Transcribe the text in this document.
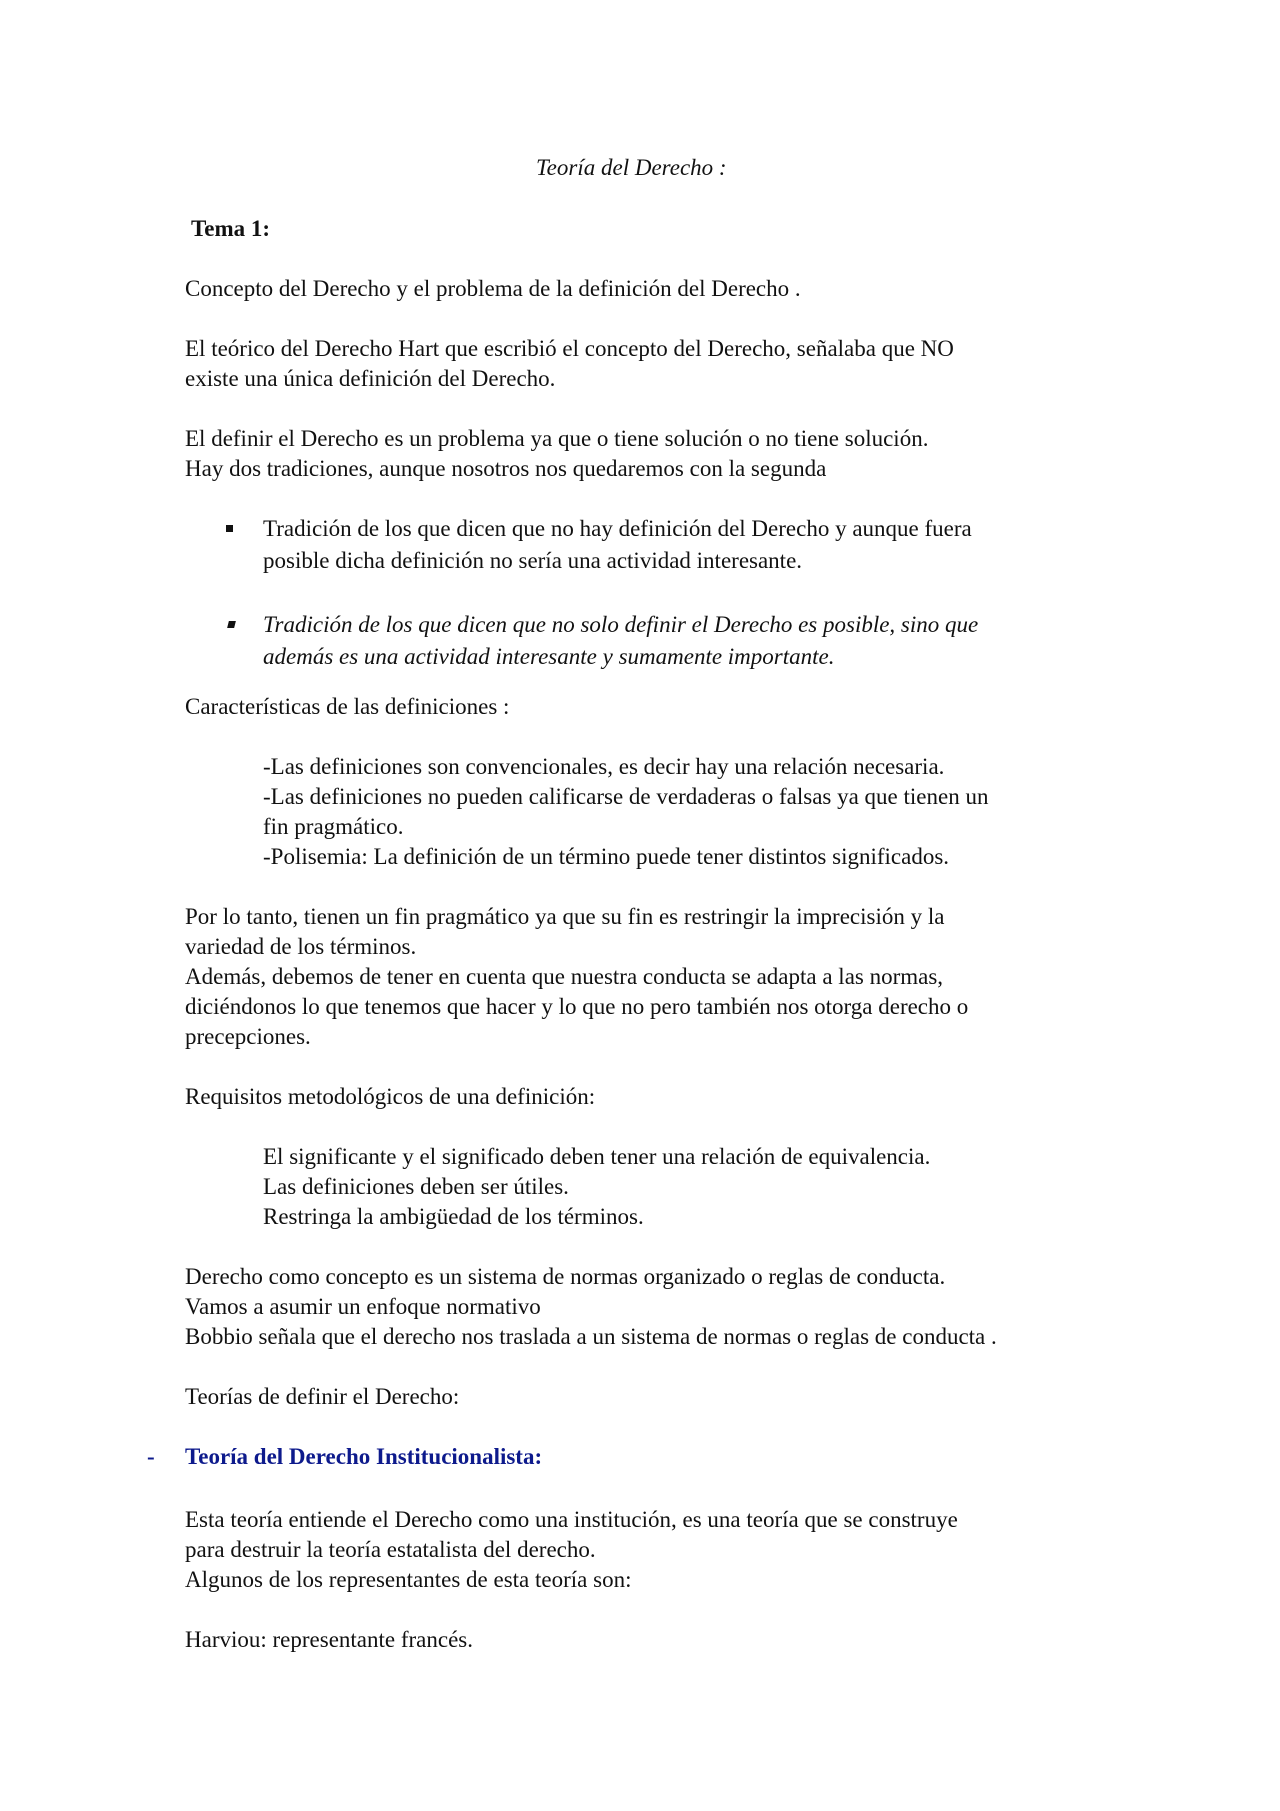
Teoría del Derecho :

Tema 1:

Concepto del Derecho y el problema de la definición del Derecho .

El teórico del Derecho Hart que escribió el concepto del Derecho, señalaba que NO

existe una única definición del Derecho.

El definir el Derecho es un problema ya que o tiene solución o no tiene solución.

Hay dos tradiciones, aunque nosotros nos quedaremos con la segunda

Tradición de los que dicen que no hay definición del Derecho y aunque fuera

posible dicha definición no sería una actividad interesante.

Tradición de los que dicen que no solo definir el Derecho es posible, sino que

además es una actividad interesante y sumamente importante.

Características de las definiciones :

-Las definiciones son convencionales, es decir hay una relación necesaria.

-Las definiciones no pueden calificarse de verdaderas o falsas ya que tienen un

fin pragmático.

-Polisemia: La definición de un término puede tener distintos significados.

Por lo tanto, tienen un fin pragmático ya que su fin es restringir la imprecisión y la

variedad de los términos.

Además, debemos de tener en cuenta que nuestra conducta se adapta a las normas,

diciéndonos lo que tenemos que hacer y lo que no pero también nos otorga derecho o

precepciones.

Requisitos metodológicos de una definición:

El significante y el significado deben tener una relación de equivalencia.

Las definiciones deben ser útiles.

Restringa la ambigüedad de los términos.

Derecho como concepto es un sistema de normas organizado o reglas de conducta.

Vamos a asumir un enfoque normativo

Bobbio señala que el derecho nos traslada a un sistema de normas o reglas de conducta .

Teorías de definir el Derecho:

- Teoría del Derecho Institucionalista:

Esta teoría entiende el Derecho como una institución, es una teoría que se construye

para destruir la teoría estatalista del derecho.

Algunos de los representantes de esta teoría son:

Harviou: representante francés.
